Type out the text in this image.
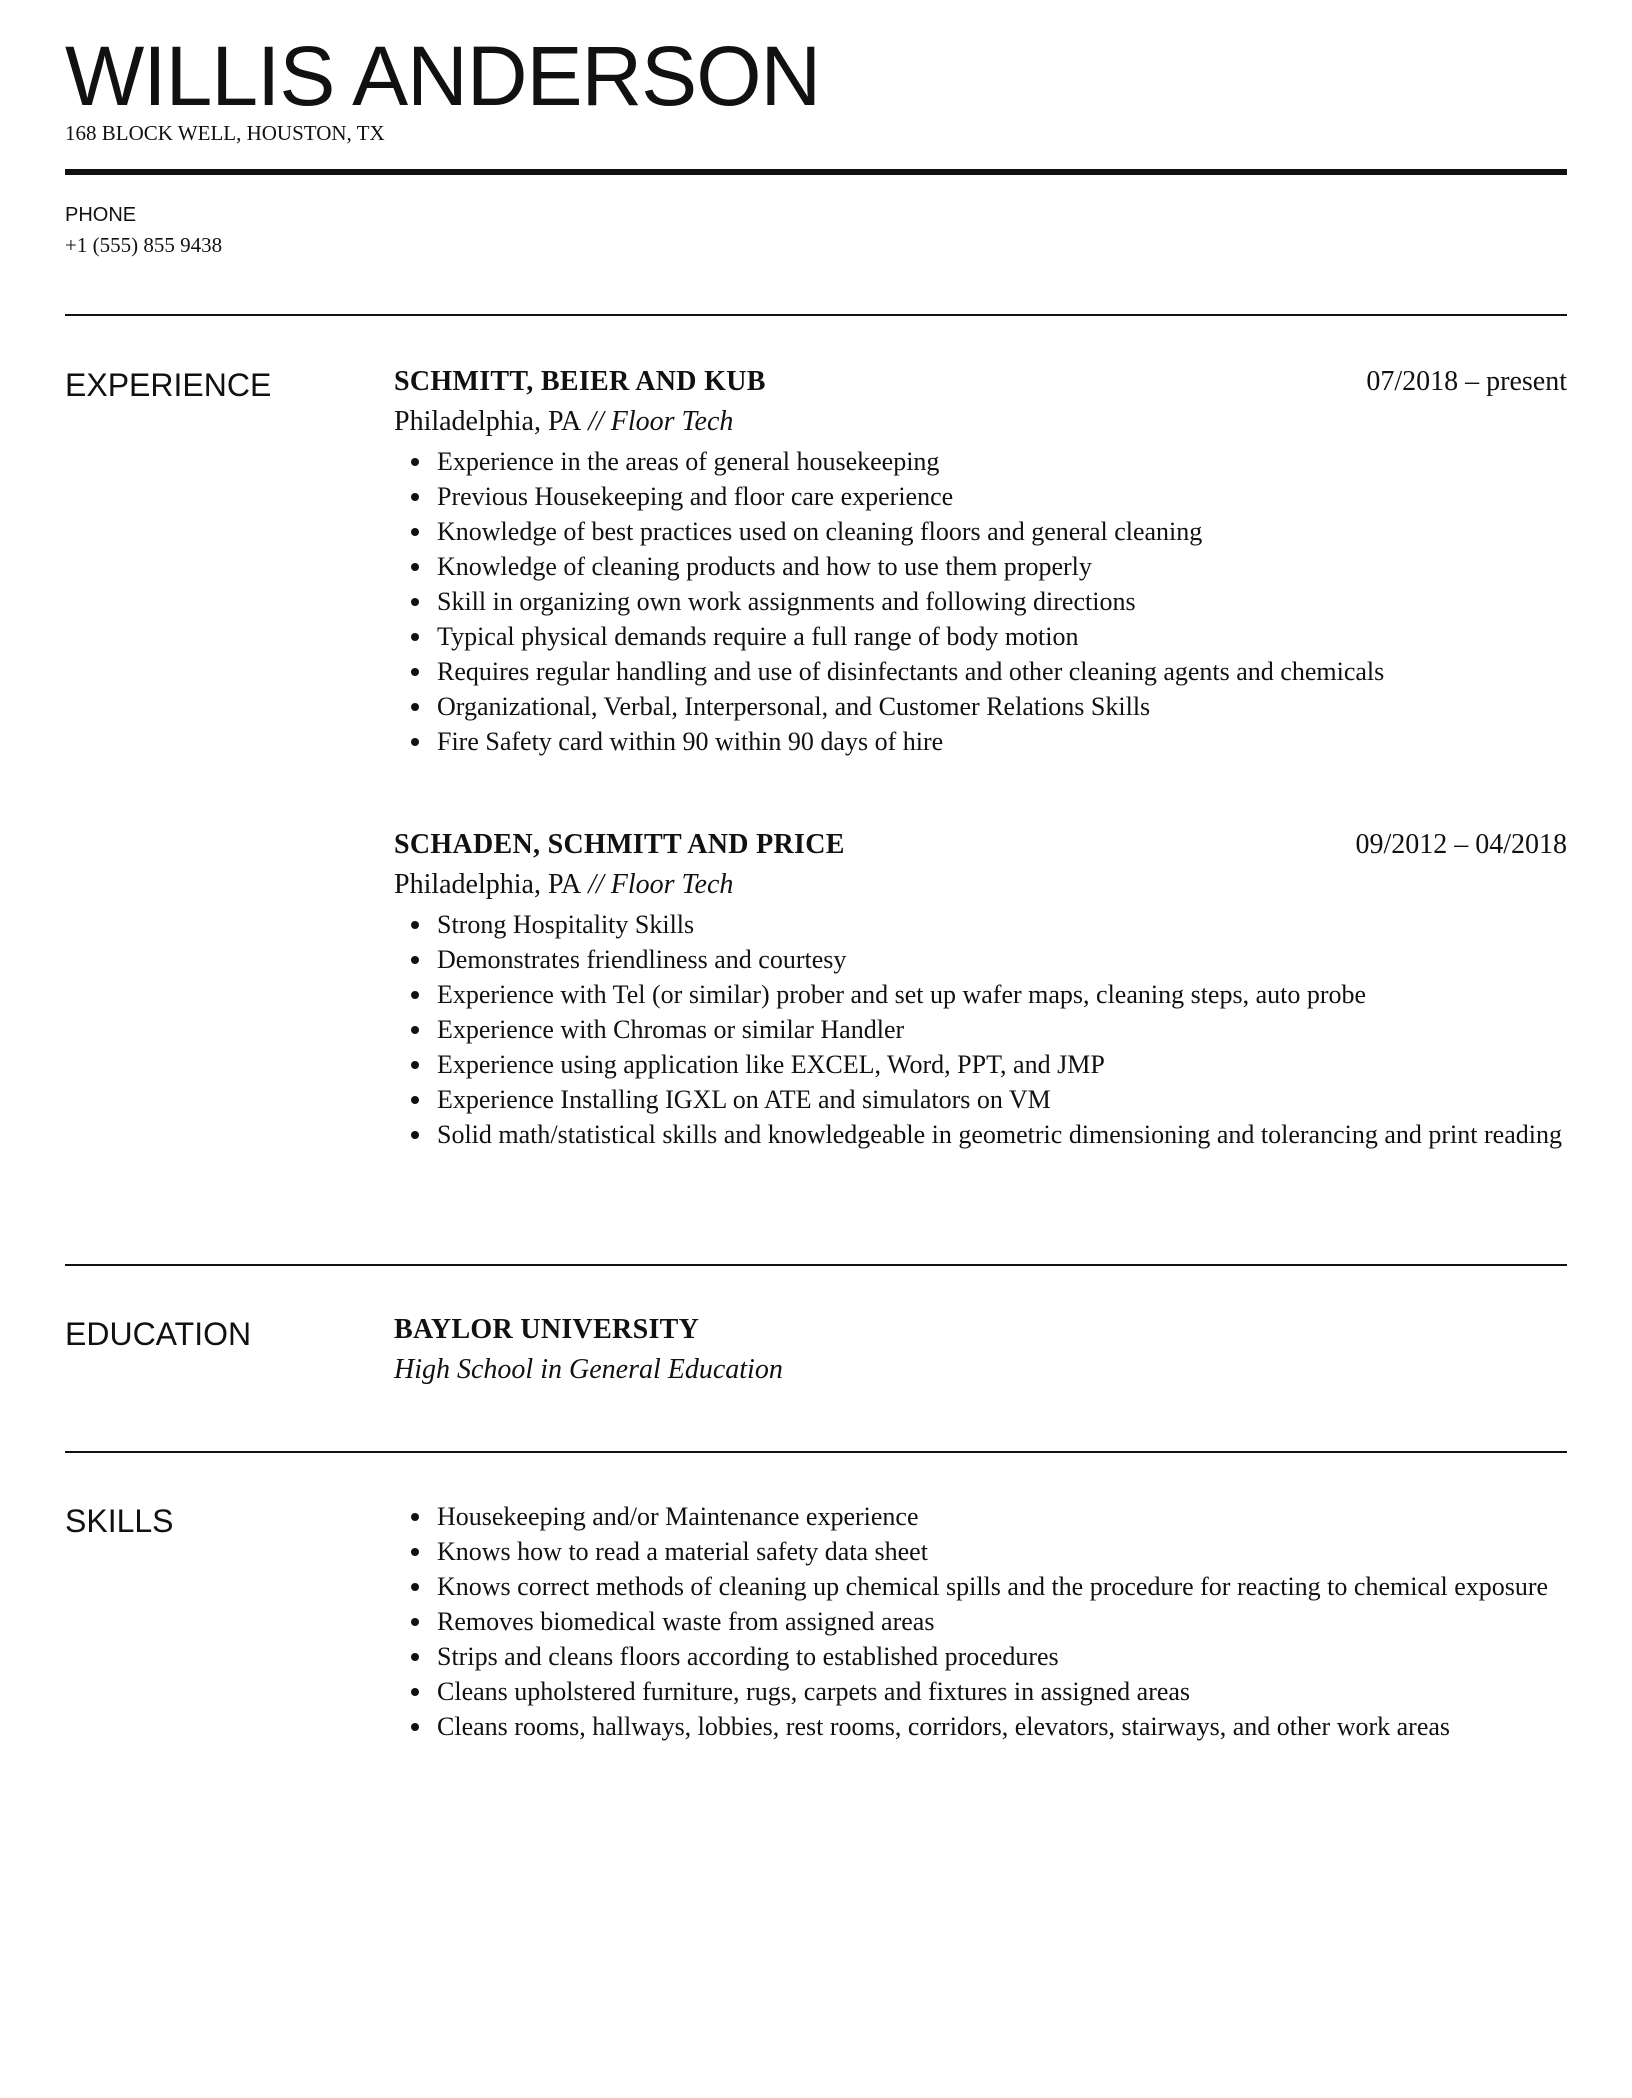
WILLIS ANDERSON
168 BLOCK WELL, HOUSTON, TX
PHONE
+1 (555) 855 9438
EXPERIENCE	SCHMITT, BEIER AND KUB	07/2018 – present
Philadelphia, PA // Floor Tech
Experience in the areas of general housekeeping
Previous Housekeeping and floor care experience
Knowledge of best practices used on cleaning floors and general cleaning
Knowledge of cleaning products and how to use them properly
Skill in organizing own work assignments and following directions
Typical physical demands require a full range of body motion
Requires regular handling and use of disinfectants and other cleaning agents and chemicals
Organizational, Verbal, Interpersonal, and Customer Relations Skills
Fire Safety card within 90 within 90 days of hire
SCHADEN, SCHMITT AND PRICE	09/2012 – 04/2018
Philadelphia, PA // Floor Tech
Strong Hospitality Skills
Demonstrates friendliness and courtesy
Experience with Tel (or similar) prober and set up wafer maps, cleaning steps, auto probe
Experience with Chromas or similar Handler
Experience using application like EXCEL, Word, PPT, and JMP
Experience Installing IGXL on ATE and simulators on VM
Solid math/statistical skills and knowledgeable in geometric dimensioning and tolerancing and print reading
EDUCATION	BAYLOR UNIVERSITY
High School in General Education
SKILLS	Housekeeping and/or Maintenance experience
Knows how to read a material safety data sheet
Knows correct methods of cleaning up chemical spills and the procedure for reacting to chemical exposure
Removes biomedical waste from assigned areas
Strips and cleans floors according to established procedures
Cleans upholstered furniture, rugs, carpets and fixtures in assigned areas
Cleans rooms, hallways, lobbies, rest rooms, corridors, elevators, stairways, and other work areas
